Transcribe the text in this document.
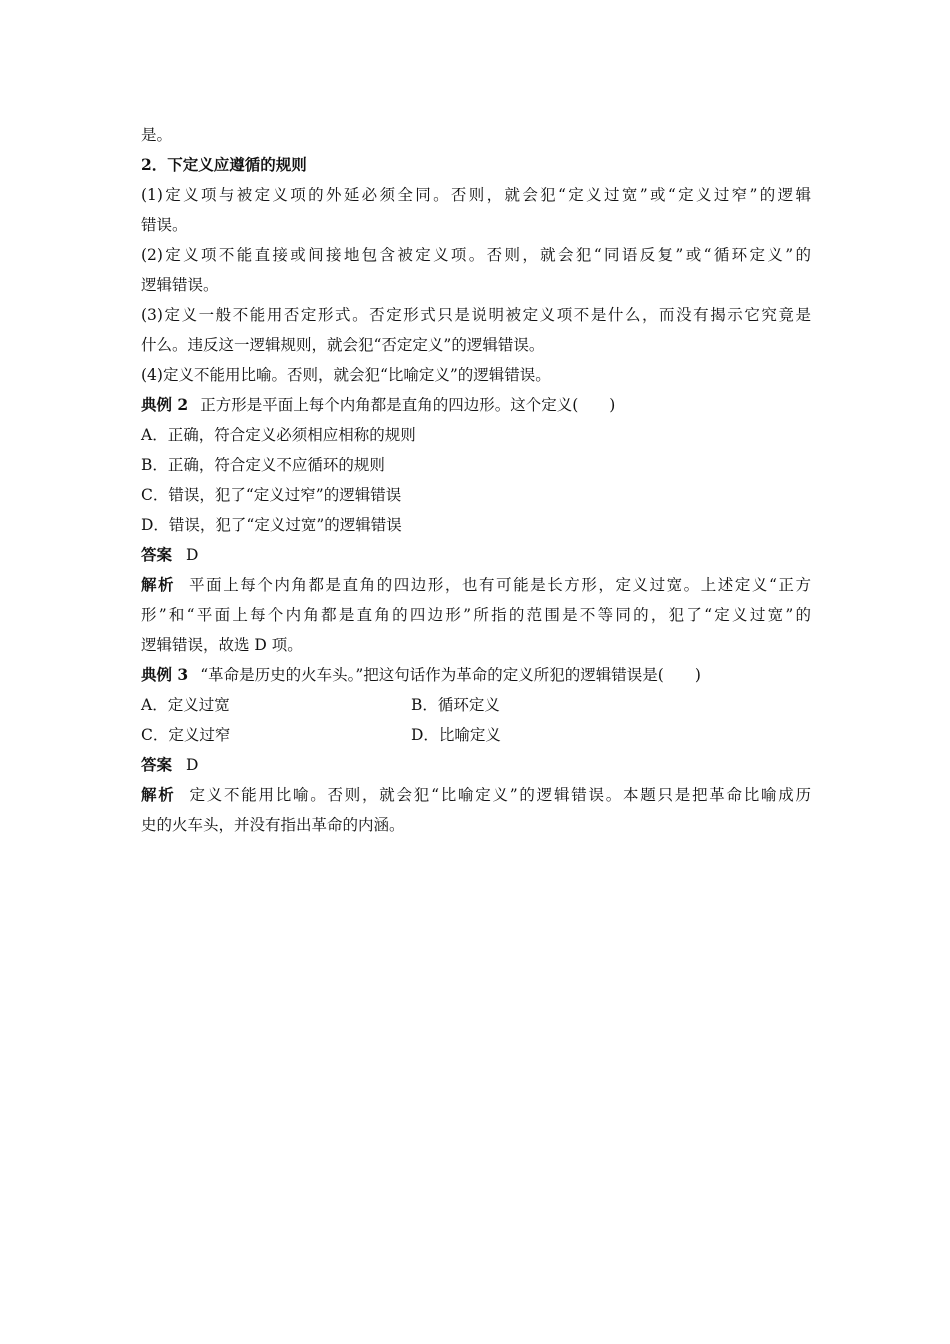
是。
2．下定义应遵循的规则
(1)定义项与被定义项的外延必须全同。否则，就会犯“定义过宽”或“定义过窄”的逻辑
错误。
(2)定义项不能直接或间接地包含被定义项。否则，就会犯“同语反复”或“循环定义”的
逻辑错误。
(3)定义一般不能用否定形式。否定形式只是说明被定义项不是什么，而没有揭示它究竟是
什么。违反这一逻辑规则，就会犯“否定定义”的逻辑错误。
(4)定义不能用比喻。否则，就会犯“比喻定义”的逻辑错误。
典例 2 正方形是平面上每个内角都是直角的四边形。这个定义(　　)
A．正确，符合定义必须相应相称的规则
B．正确，符合定义不应循环的规则
C．错误，犯了“定义过窄”的逻辑错误
D．错误，犯了“定义过宽”的逻辑错误
答案 D
解析 平面上每个内角都是直角的四边形，也有可能是长方形，定义过宽。上述定义“正方
形”和“平面上每个内角都是直角的四边形”所指的范围是不等同的，犯了“定义过宽”的
逻辑错误，故选 D 项。
典例 3 “革命是历史的火车头。”把这句话作为革命的定义所犯的逻辑错误是(　　)
A．定义过宽	B．循环定义
C．定义过窄	D．比喻定义
答案 D
解析 定义不能用比喻。否则，就会犯“比喻定义”的逻辑错误。本题只是把革命比喻成历
史的火车头，并没有指出革命的内涵。
